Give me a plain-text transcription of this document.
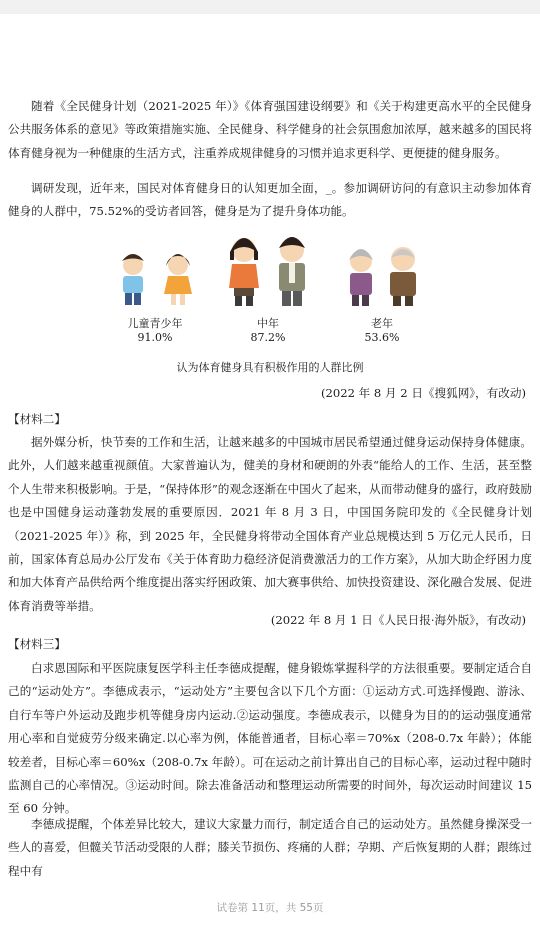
随着《全民健身计划（2021-2025 年）》《体育强国建设纲要》和《关于构建更高水平的全民健身公共服务体系的意见》等政策措施实施、全民健身、科学健身的社会氛围愈加浓厚，越来越多的国民将体育健身视为一种健康的生活方式，注重养成规律健身的习惯并追求更科学、更便捷的健身服务。

调研发现，近年来，国民对体育健身日的认知更加全面，_。参加调研访问的有意识主动参加体育健身的人群中，75.52%的受访者回答，健身是为了提升身体功能。

儿童青少年
91.0%
中年
87.2%
老年
53.6%
认为体育健身具有积极作用的人群比例
(2022 年 8 月 2 日《搜狐网》，有改动)
【材料二】

据外媒分析，快节奏的工作和生活，让越来越多的中国城市居民希望通过健身运动保持身体健康。此外，人们越来越重视颜值。大家普遍认为，健美的身材和硬朗的外表“能给人的工作、生活，甚至整个人生带来积极影响。于是，“保持体形”的观念逐渐在中国火了起来，从而带动健身的盛行，政府鼓励也是中国健身运动蓬勃发展的重要原因．2021 年 8 月 3 日，中国国务院印发的《全民健身计划（2021-2025 年）》称，到 2025 年，全民健身将带动全国体育产业总规模达到 5 万亿元人民币，日前，国家体育总局办公厅发布《关于体育助力稳经济促消费激活力的工作方案》，从加大助企纾困力度和加大体育产品供给两个维度提出落实纾困政策、加大赛事供给、加快投资建设、深化融合发展、促进体育消费等举措。

(2022 年 8 月 1 日《人民日报·海外版》，有改动)
【材料三】

白求恩国际和平医院康复医学科主任李德成提醒，健身锻炼掌握科学的方法很重要。要制定适合自己的“运动处方”。李德成表示，“运动处方”主要包含以下几个方面：①运动方式.可选择慢跑、游泳、自行车等户外运动及跑步机等健身房内运动.②运动强度。李德成表示，以健身为目的的运动强度通常用心率和自觉疲劳分级来确定.以心率为例，体能普通者，目标心率＝70%x（208-0.7x 年龄）；体能较差者，目标心率＝60%x（208-0.7x 年龄）。可在运动之前计算出自己的目标心率，运动过程中随时监测自己的心率情况。③运动时间。除去准备活动和整理运动所需要的时间外，每次运动时间建议 15 至 60 分钟。

李德成提醒，个体差异比较大，建议大家量力而行，制定适合自己的运动处方。虽然健身操深受一些人的喜爱，但髋关节活动受限的人群；膝关节损伤、疼痛的人群；孕期、产后恢复期的人群；跟练过程中有

试卷第 11页，共 55页
